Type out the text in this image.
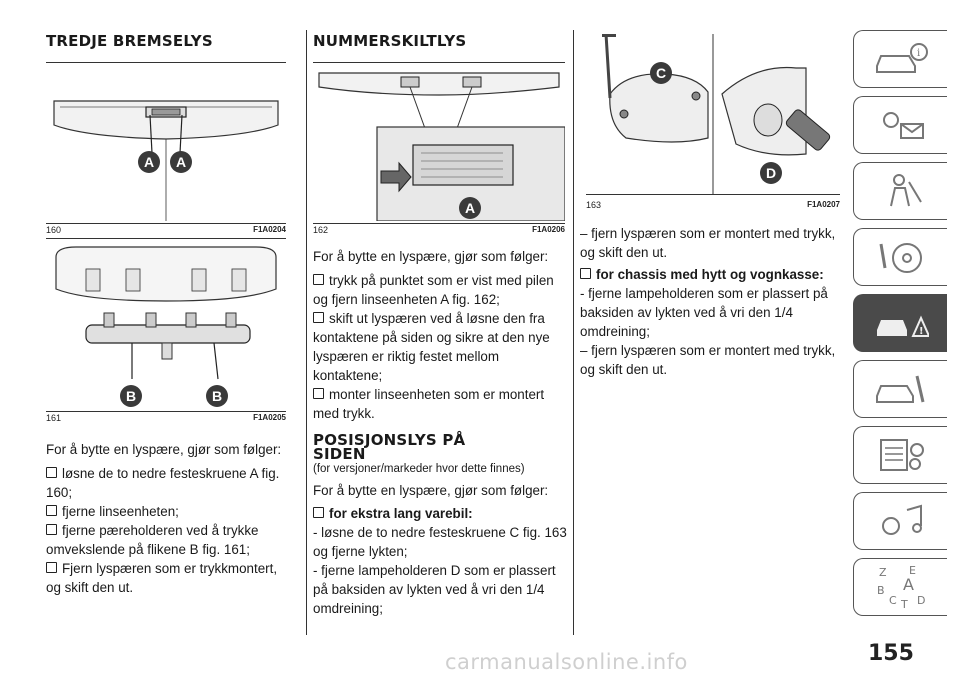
TREDJE BREMSELYS
A	A
160	F1A0204
B	B
161	F1A0205

For å bytte en lyspære, gjør som følger:

løsne de to nedre festeskruene A fig. 160;

fjerne linseenheten;

fjerne pæreholderen ved å trykke omvekslende på flikene B fig. 161;

Fjern lyspæren som er trykkmontert, og skift den ut.

NUMMERSKILTLYS
A
162	F1A0206

For å bytte en lyspære, gjør som følger:

trykk på punktet som er vist med pilen og fjern linseenheten A fig. 162;

skift ut lyspæren ved å løsne den fra kontaktene på siden og sikre at den nye lyspæren er riktig festet mellom kontaktene;

monter linseenheten som er montert med trykk.

POSISJONSLYS PÅ
SIDEN

(for versjoner/markeder hvor dette finnes)

For å bytte en lyspære, gjør som følger:

for ekstra lang varebil:

- løsne de to nedre festeskruene C fig. 163 og fjerne lykten;

- fjerne lampeholderen D som er plassert på baksiden av lykten ved å vri den 1/4 omdreining;

C
D
163	F1A0207

– fjern lyspæren som er montert med trykk, og skift den ut.

for chassis med hytt og vognkasse:

- fjerne lampeholderen som er plassert på baksiden av lykten ved å vri den 1/4 omdreining;

– fjern lyspæren som er montert med trykk, og skift den ut.

i
!
Z E
B A
C D
T
155
carmanualsonline.info
